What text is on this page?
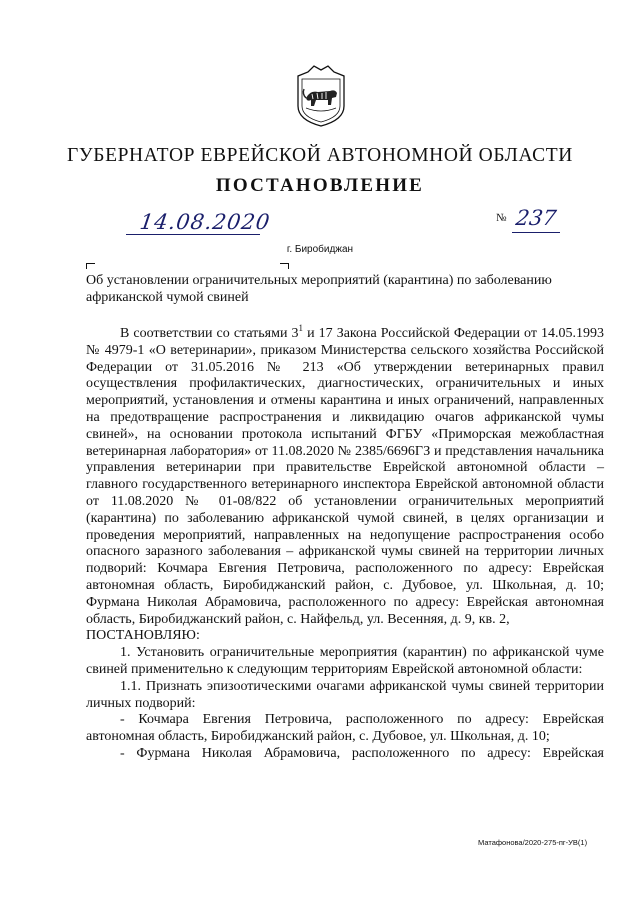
ГУБЕРНАТОР ЕВРЕЙСКОЙ АВТОНОМНОЙ ОБЛАСТИ
ПОСТАНОВЛЕНИЕ
14.08.2020	№ 237
г. Биробиджан
Об установлении ограничительных мероприятий (карантина) по заболеванию африканской чумой свиней

В соответствии со статьями $3^1$ и 17 Закона Российской Федерации от 14.05.1993 № 4979-1 «О ветеринарии», приказом Министерства сельского хозяйства Российской Федерации от 31.05.2016 № 213 «Об утверждении ветеринарных правил осуществления профилактических, диагностических, ограничительных и иных мероприятий, установления и отмены карантина и иных ограничений, направленных на предотвращение распространения и ликвидацию очагов африканской чумы свиней», на основании протокола испытаний ФГБУ «Приморская межобластная ветеринарная лаборатория» от 11.08.2020 № 2385/6696ГЗ и представления начальника управления ветеринарии при правительстве Еврейской автономной области – главного государственного ветеринарного инспектора Еврейской автономной области от 11.08.2020 № 01-08/822 об установлении ограничительных мероприятий (карантина) по заболеванию африканской чумой свиней, в целях организации и проведения мероприятий, направленных на недопущение распространения особо опасного заразного заболевания – африканской чумы свиней на территории личных подворий: Кочмара Евгения Петровича, расположенного по адресу: Еврейская автономная область, Биробиджанский район, с. Дубовое, ул. Школьная, д. 10; Фурмана Николая Абрамовича, расположенного по адресу: Еврейская автономная область, Биробиджанский район, с. Найфельд, ул. Весенняя, д. 9, кв. 2,

ПОСТАНОВЛЯЮ:

1. Установить ограничительные мероприятия (карантин) по африканской чуме свиней применительно к следующим территориям Еврейской автономной области:

1.1. Признать эпизоотическими очагами африканской чумы свиней территории личных подворий:

- Кочмара Евгения Петровича, расположенного по адресу: Еврейская автономная область, Биробиджанский район, с. Дубовое, ул. Школьная, д. 10;

- Фурмана Николая Абрамовича, расположенного по адресу: Еврейская

Матафонова/2020-275-пг-УВ(1)
